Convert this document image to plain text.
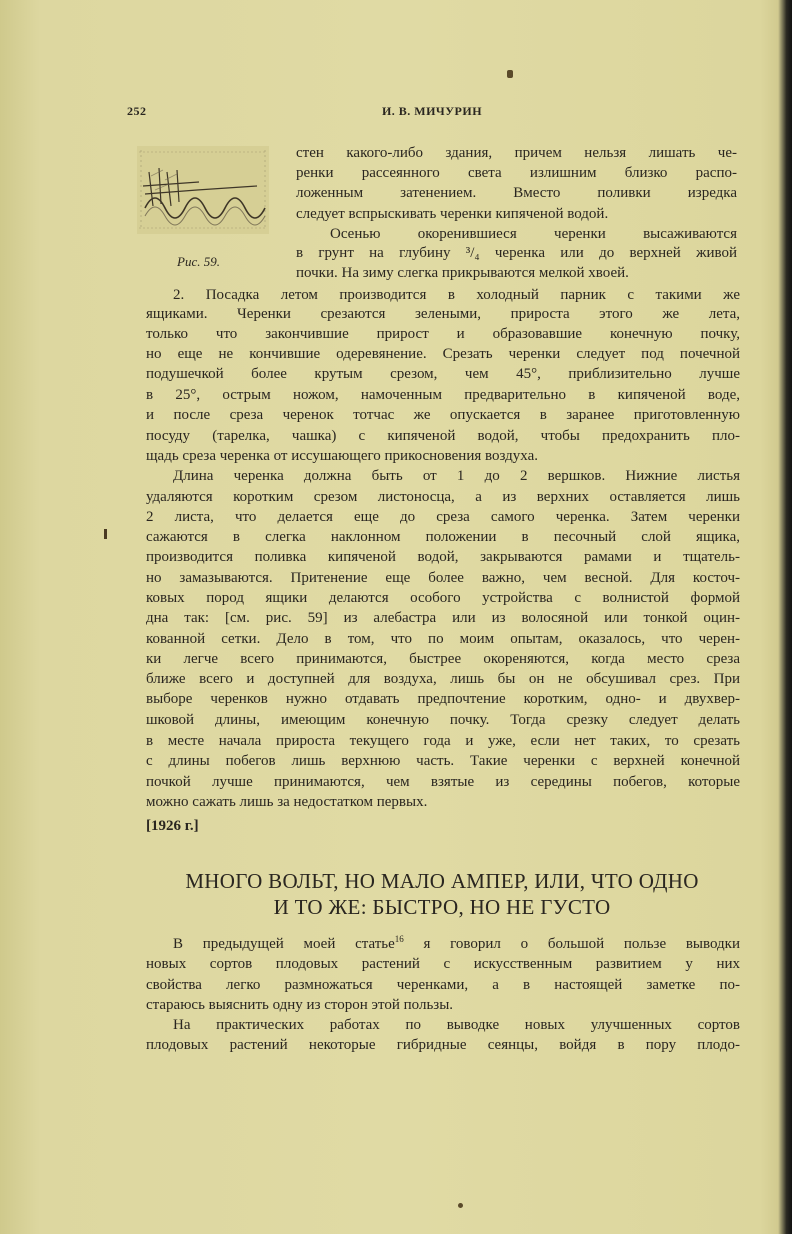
252	И. В. МИЧУРИН
Рис. 59.
стен какого-либо здания, причем нельзя лишать че-
ренки рассеянного света излишним близко распо-
ложенным затенением. Вместо поливки изредка
следует вспрыскивать черенки кипяченой водой.
Осенью окоренившиеся черенки высаживаются
в грунт на глубину ³/₄ черенка или до верхней живой
почки. На зиму слегка прикрываются мелкой хвоей.
2. Посадка летом производится в холодный парник с такими же
ящиками. Черенки срезаются зелеными, прироста этого же лета,
только что закончившие прирост и образовавшие конечную почку,
но еще не кончившие одеревянение. Срезать черенки следует под почечной
подушечкой более крутым срезом, чем 45°, приблизительно лучше
в 25°, острым ножом, намоченным предварительно в кипяченой воде,
и после среза черенок тотчас же опускается в заранее приготовленную
посуду (тарелка, чашка) с кипяченой водой, чтобы предохранить пло-
щадь среза черенка от иссушающего прикосновения воздуха.
Длина черенка должна быть от 1 до 2 вершков. Нижние листья
удаляются коротким срезом листоносца, а из верхних оставляется лишь
2 листа, что делается еще до среза самого черенка. Затем черенки
сажаются в слегка наклонном положении в песочный слой ящика,
производится поливка кипяченой водой, закрываются рамами и тщатель-
но замазываются. Притенение еще более важно, чем весной. Для косточ-
ковых пород ящики делаются особого устройства с волнистой формой
дна так: [см. рис. 59] из алебастра или из волосяной или тонкой оцин-
кованной сетки. Дело в том, что по моим опытам, оказалось, что черен-
ки легче всего принимаются, быстрее окореняются, когда место среза
ближе всего и доступней для воздуха, лишь бы он не обсушивал срез. При
выборе черенков нужно отдавать предпочтение коротким, одно- и двухвер-
шковой длины, имеющим конечную почку. Тогда срезку следует делать
в месте начала прироста текущего года и уже, если нет таких, то срезать
с длины побегов лишь верхнюю часть. Такие черенки с верхней конечной
почкой лучше принимаются, чем взятые из середины побегов, которые
можно сажать лишь за недостатком первых.
[1926 г.]
МНОГО ВОЛЬТ, НО МАЛО АМПЕР, ИЛИ, ЧТО ОДНО
И ТО ЖЕ: БЫСТРО, НО НЕ ГУСТО
В предыдущей моей статье$^{16}$ я говорил о большой пользе выводки
новых сортов плодовых растений с искусственным развитием у них
свойства легко размножаться черенками, а в настоящей заметке по-
стараюсь выяснить одну из сторон этой пользы.
На практических работах по выводке новых улучшенных сортов
плодовых растений некоторые гибридные сеянцы, войдя в пору плодо-
